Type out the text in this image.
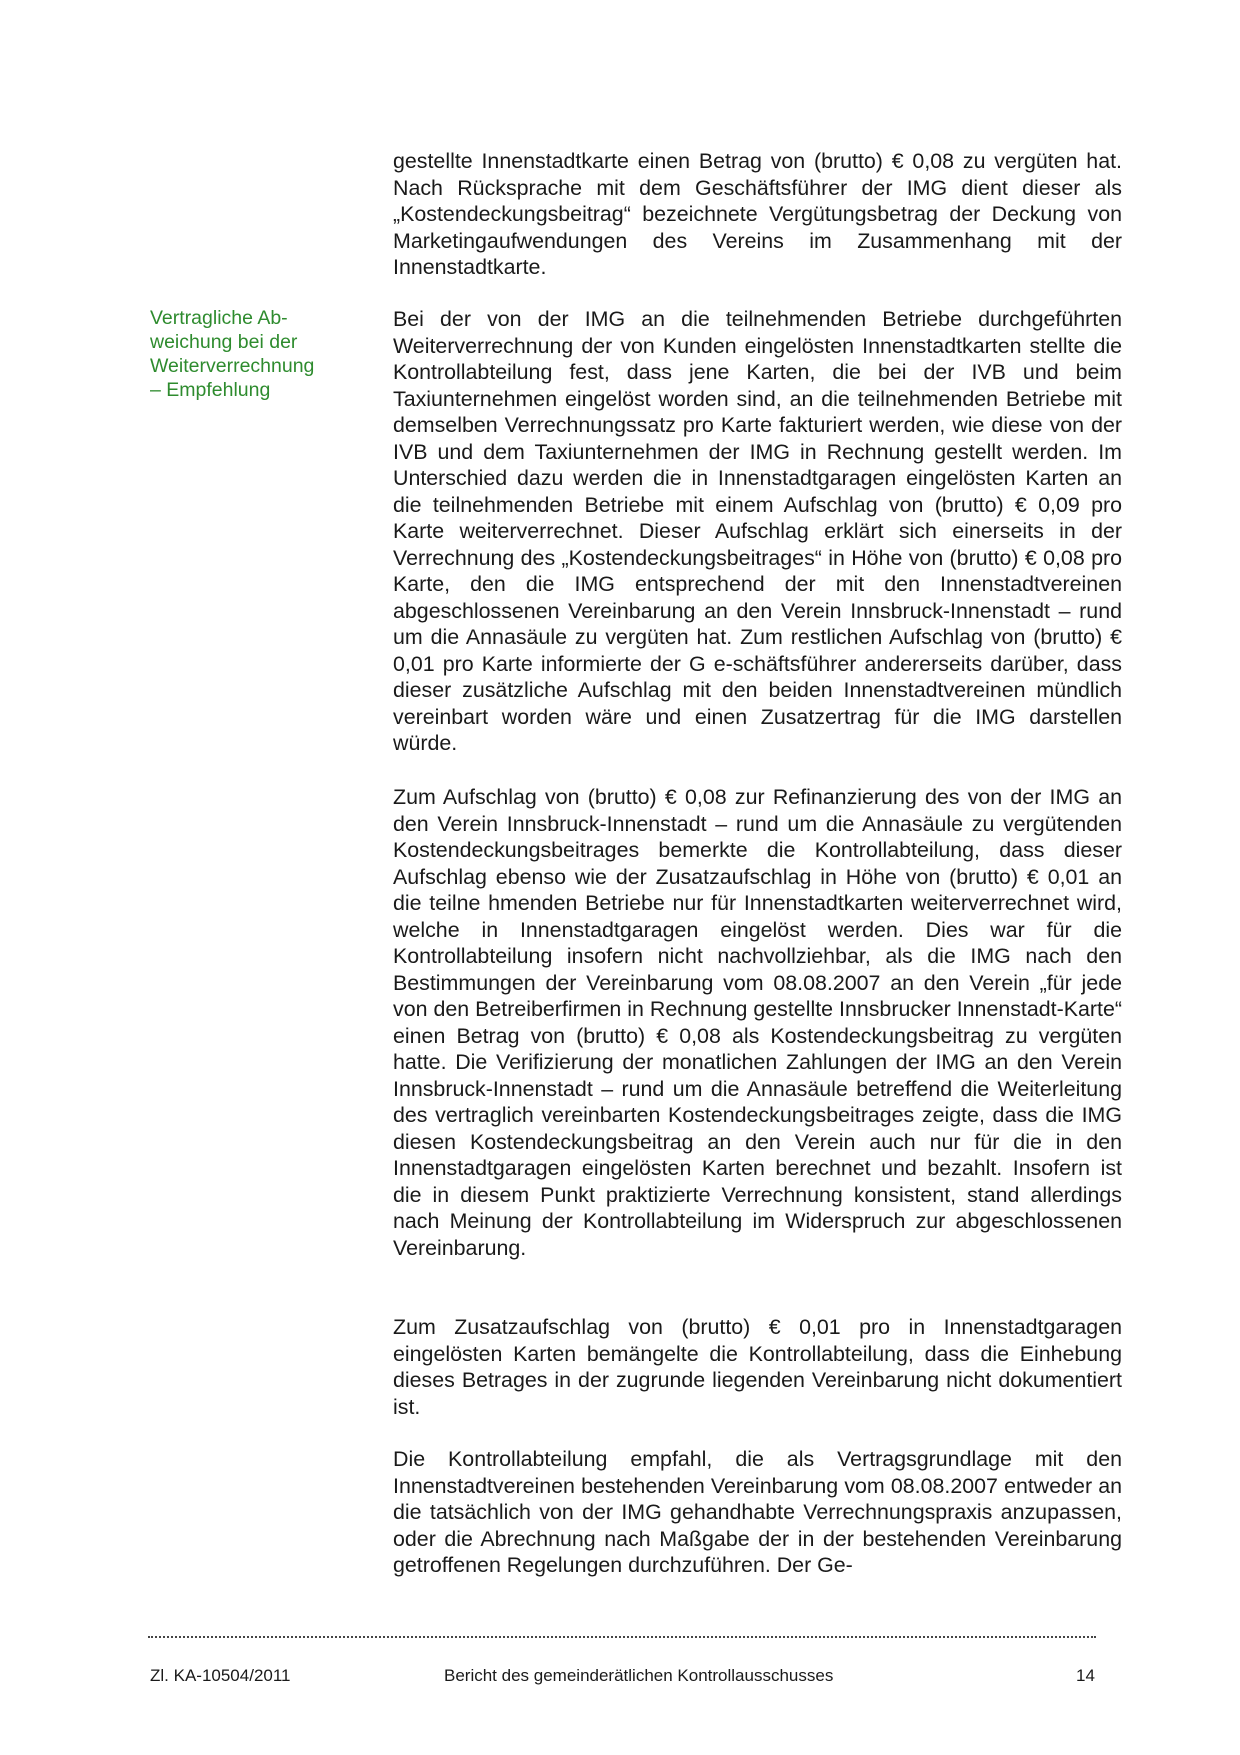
Vertragliche Ab-
weichung bei der
Weiterverrechnung
– Empfehlung

gestellte Innenstadtkarte einen Betrag von (brutto) € 0,08 zu vergüten hat. Nach Rücksprache mit dem Geschäftsführer der IMG dient dieser als „Kostendeckungsbeitrag“ bezeichnete Vergütungsbetrag der Deckung von Marketingaufwendungen des Vereins im Zusammenhang mit der Innenstadtkarte.

Bei der von der IMG an die teilnehmenden Betriebe durchgeführten Weiterverrechnung der von Kunden eingelösten Innenstadtkarten stellte die Kontrollabteilung fest, dass jene Karten, die bei der IVB und beim Taxiunternehmen eingelöst worden sind, an die teilnehmenden Betriebe mit demselben Verrechnungssatz pro Karte fakturiert werden, wie diese von der IVB und dem Taxiunternehmen der IMG in Rechnung gestellt werden. Im Unterschied dazu werden die in Innenstadtgaragen eingelösten Karten an die teilnehmenden Betriebe mit einem Aufschlag von (brutto) € 0,09 pro Karte weiterverrechnet. Dieser Aufschlag erklärt sich einerseits in der Verrechnung des „Kostendeckungsbeitrages“ in Höhe von (brutto) € 0,08 pro Karte, den die IMG entsprechend der mit den Innenstadtvereinen abgeschlossenen Vereinbarung an den Verein Innsbruck-Innenstadt – rund um die Annasäule zu vergüten hat. Zum restlichen Aufschlag von (brutto) € 0,01 pro Karte informierte der G e-schäftsführer andererseits darüber, dass dieser zusätzliche Aufschlag mit den beiden Innenstadtvereinen mündlich vereinbart worden wäre und einen Zusatzertrag für die IMG darstellen würde.

Zum Aufschlag von (brutto) € 0,08 zur Refinanzierung des von der IMG an den Verein Innsbruck-Innenstadt – rund um die Annasäule zu vergütenden Kostendeckungsbeitrages bemerkte die Kontrollabteilung, dass dieser Aufschlag ebenso wie der Zusatzaufschlag in Höhe von (brutto) € 0,01 an die teilne hmenden Betriebe nur für Innenstadtkarten weiterverrechnet wird, welche in Innenstadtgaragen eingelöst werden. Dies war für die Kontrollabteilung insofern nicht nachvollziehbar, als die IMG nach den Bestimmungen der Vereinbarung vom 08.08.2007 an den Verein „für jede von den Betreiberfirmen in Rechnung gestellte Innsbrucker Innenstadt-Karte“ einen Betrag von (brutto) € 0,08 als Kostendeckungsbeitrag zu vergüten hatte. Die Verifizierung der monatlichen Zahlungen der IMG an den Verein Innsbruck-Innenstadt – rund um die Annasäule betreffend die Weiterleitung des vertraglich vereinbarten Kostendeckungsbeitrages zeigte, dass die IMG diesen Kostendeckungsbeitrag an den Verein auch nur für die in den Innenstadtgaragen eingelösten Karten berechnet und bezahlt. Insofern ist die in diesem Punkt praktizierte Verrechnung konsistent, stand allerdings nach Meinung der Kontrollabteilung im Widerspruch zur abgeschlossenen Vereinbarung.

Zum Zusatzaufschlag von (brutto) € 0,01 pro in Innenstadtgaragen eingelösten Karten bemängelte die Kontrollabteilung, dass die Einhebung dieses Betrages in der zugrunde liegenden Vereinbarung nicht dokumentiert ist.

Die Kontrollabteilung empfahl, die als Vertragsgrundlage mit den Innenstadtvereinen bestehenden Vereinbarung vom 08.08.2007 entweder an die tatsächlich von der IMG gehandhabte Verrechnungspraxis anzupassen, oder die Abrechnung nach Maßgabe der in der bestehenden Vereinbarung getroffenen Regelungen durchzuführen. Der Ge-

Zl. KA-10504/2011	Bericht des gemeinderätlichen Kontrollausschusses	14
